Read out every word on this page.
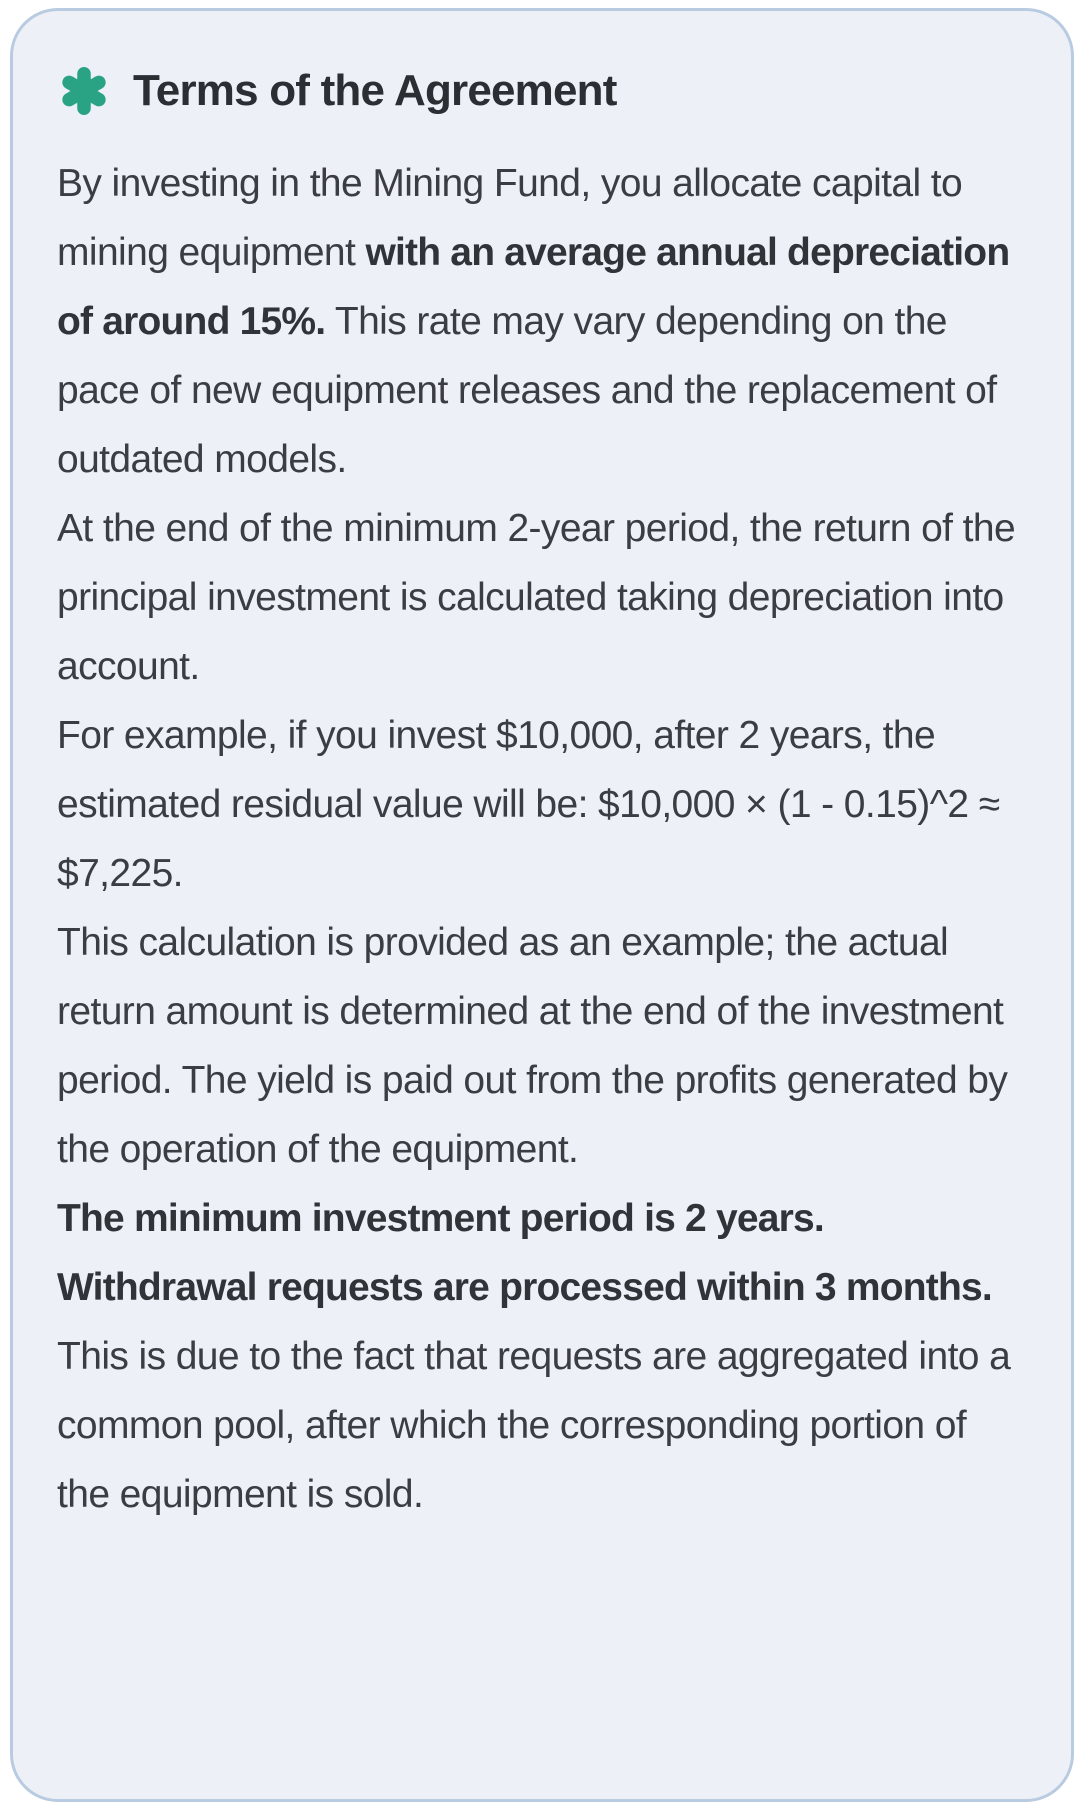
Terms of the Agreement

By investing in the Mining Fund, you allocate capital to mining equipment with an average annual depreciation of around 15%. This rate may vary depending on the pace of new equipment releases and the replacement of outdated models.

At the end of the minimum 2-year period, the return of the principal investment is calculated taking depreciation into account.

For example, if you invest $10,000, after 2 years, the estimated residual value will be: $10,000 × (1 - 0.15)^2 ≈ $7,225.

This calculation is provided as an example; the actual return amount is determined at the end of the investment period. The yield is paid out from the profits generated by the operation of the equipment.

The minimum investment period is 2 years. Withdrawal requests are processed within 3 months. This is due to the fact that requests are aggregated into a common pool, after which the corresponding portion of the equipment is sold.
